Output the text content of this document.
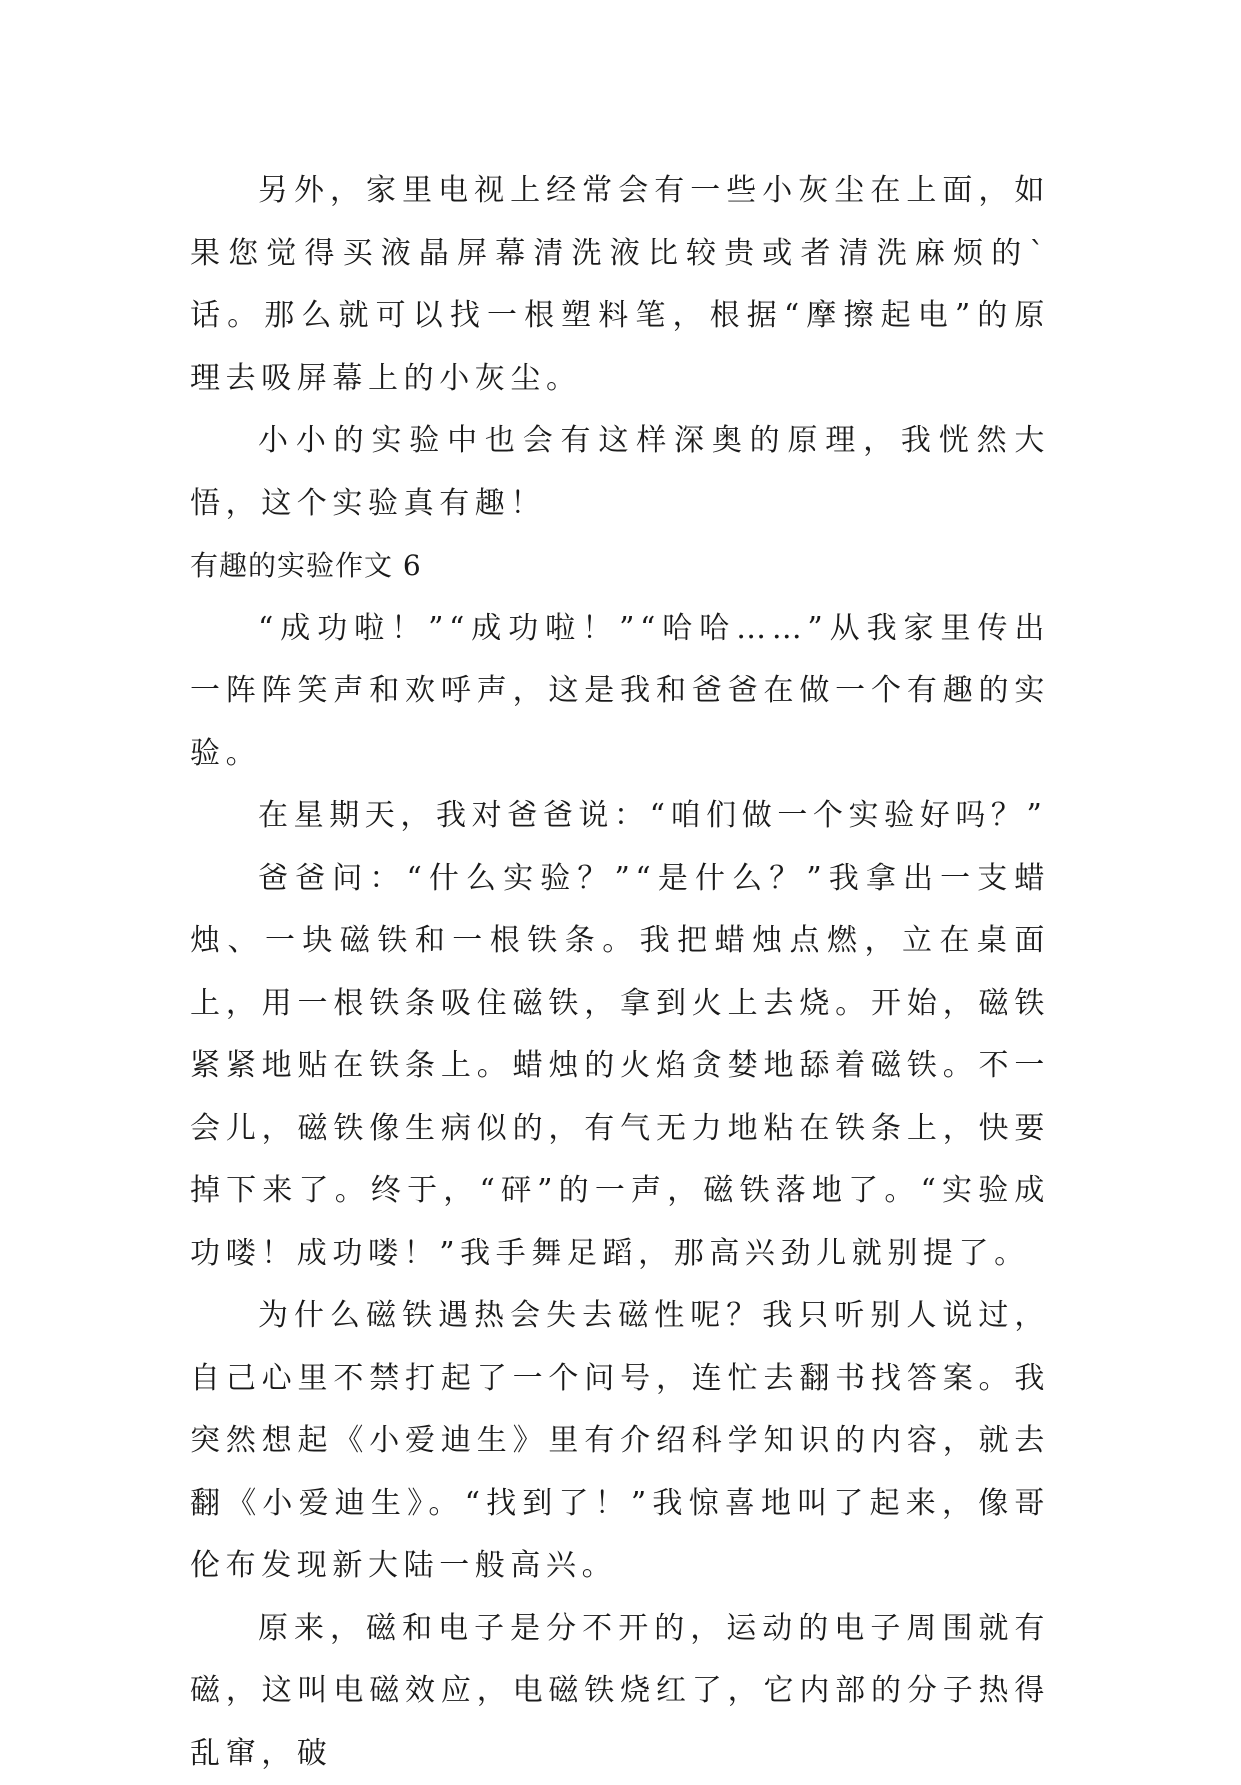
另外，家里电视上经常会有一些小灰尘在上面，如果您觉得买液晶屏幕清洗液比较贵或者清洗麻烦的`话。那么就可以找一根塑料笔，根据“摩擦起电”的原理去吸屏幕上的小灰尘。

小小的实验中也会有这样深奥的原理，我恍然大悟，这个实验真有趣！

有趣的实验作文 6

“成功啦！”“成功啦！”“哈哈……”从我家里传出一阵阵笑声和欢呼声，这是我和爸爸在做一个有趣的实验。

在星期天，我对爸爸说：“咱们做一个实验好吗？”

爸爸问：“什么实验？”“是什么？”我拿出一支蜡烛、一块磁铁和一根铁条。我把蜡烛点燃，立在桌面上，用一根铁条吸住磁铁，拿到火上去烧。开始，磁铁紧紧地贴在铁条上。蜡烛的火焰贪婪地舔着磁铁。不一会儿，磁铁像生病似的，有气无力地粘在铁条上，快要掉下来了。终于，“砰”的一声，磁铁落地了。“实验成功喽！成功喽！”我手舞足蹈，那高兴劲儿就别提了。

为什么磁铁遇热会失去磁性呢？我只听别人说过，自己心里不禁打起了一个问号，连忙去翻书找答案。我突然想起《小爱迪生》里有介绍科学知识的内容，就去翻《小爱迪生》。“找到了！”我惊喜地叫了起来，像哥伦布发现新大陆一般高兴。

原来，磁和电子是分不开的，运动的电子周围就有磁，这叫电磁效应，电磁铁烧红了，它内部的分子热得乱窜，破
